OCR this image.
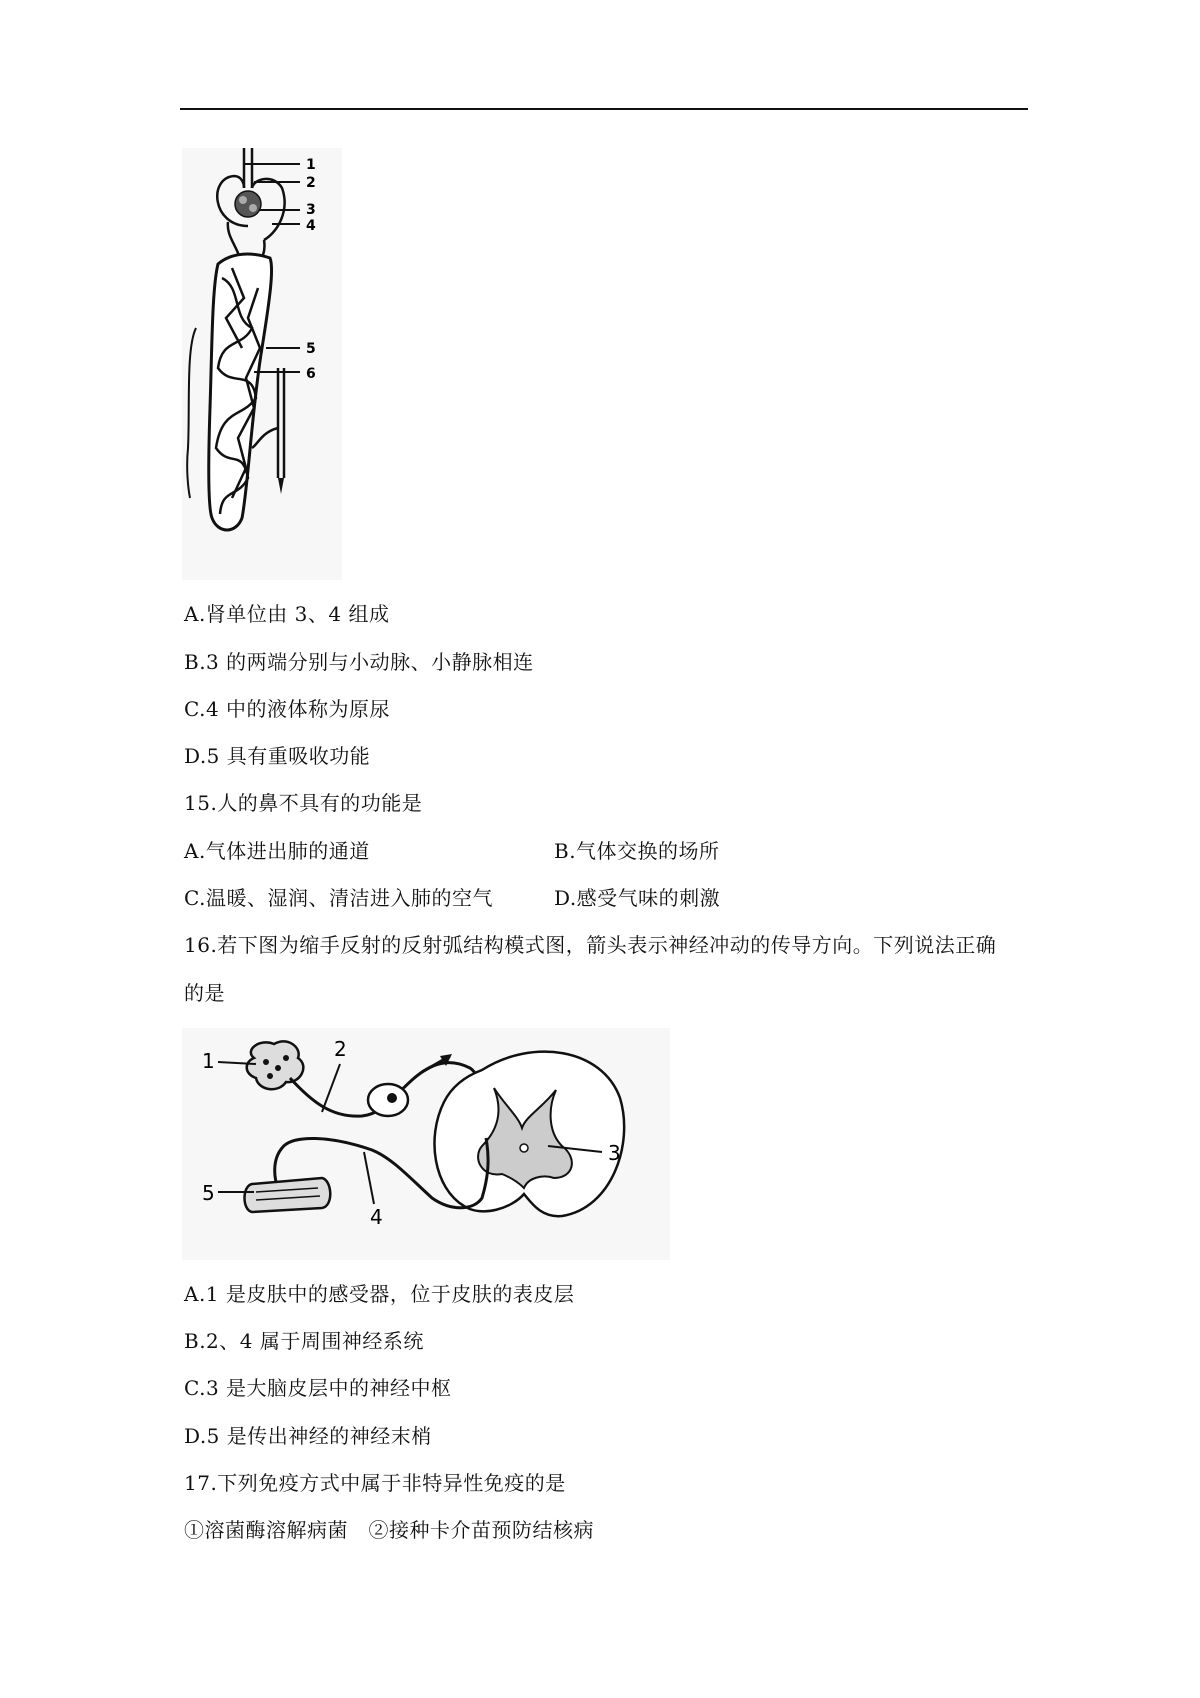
1
2
3
4
5
6
A.肾单位由 3、4 组成
B.3 的两端分别与小动脉、小静脉相连
C.4 中的液体称为原尿
D.5 具有重吸收功能
15.人的鼻不具有的功能是
A.气体进出肺的通道	B.气体交换的场所
C.温暖、湿润、清洁进入肺的空气	D.感受气味的刺激
16.若下图为缩手反射的反射弧结构模式图，箭头表示神经冲动的传导方向。下列说法正确
的是
1	2
3
4
5
A.1 是皮肤中的感受器，位于皮肤的表皮层
B.2、4 属于周围神经系统
C.3 是大脑皮层中的神经中枢
D.5 是传出神经的神经末梢
17.下列免疫方式中属于非特异性免疫的是
①溶菌酶溶解病菌　②接种卡介苗预防结核病
